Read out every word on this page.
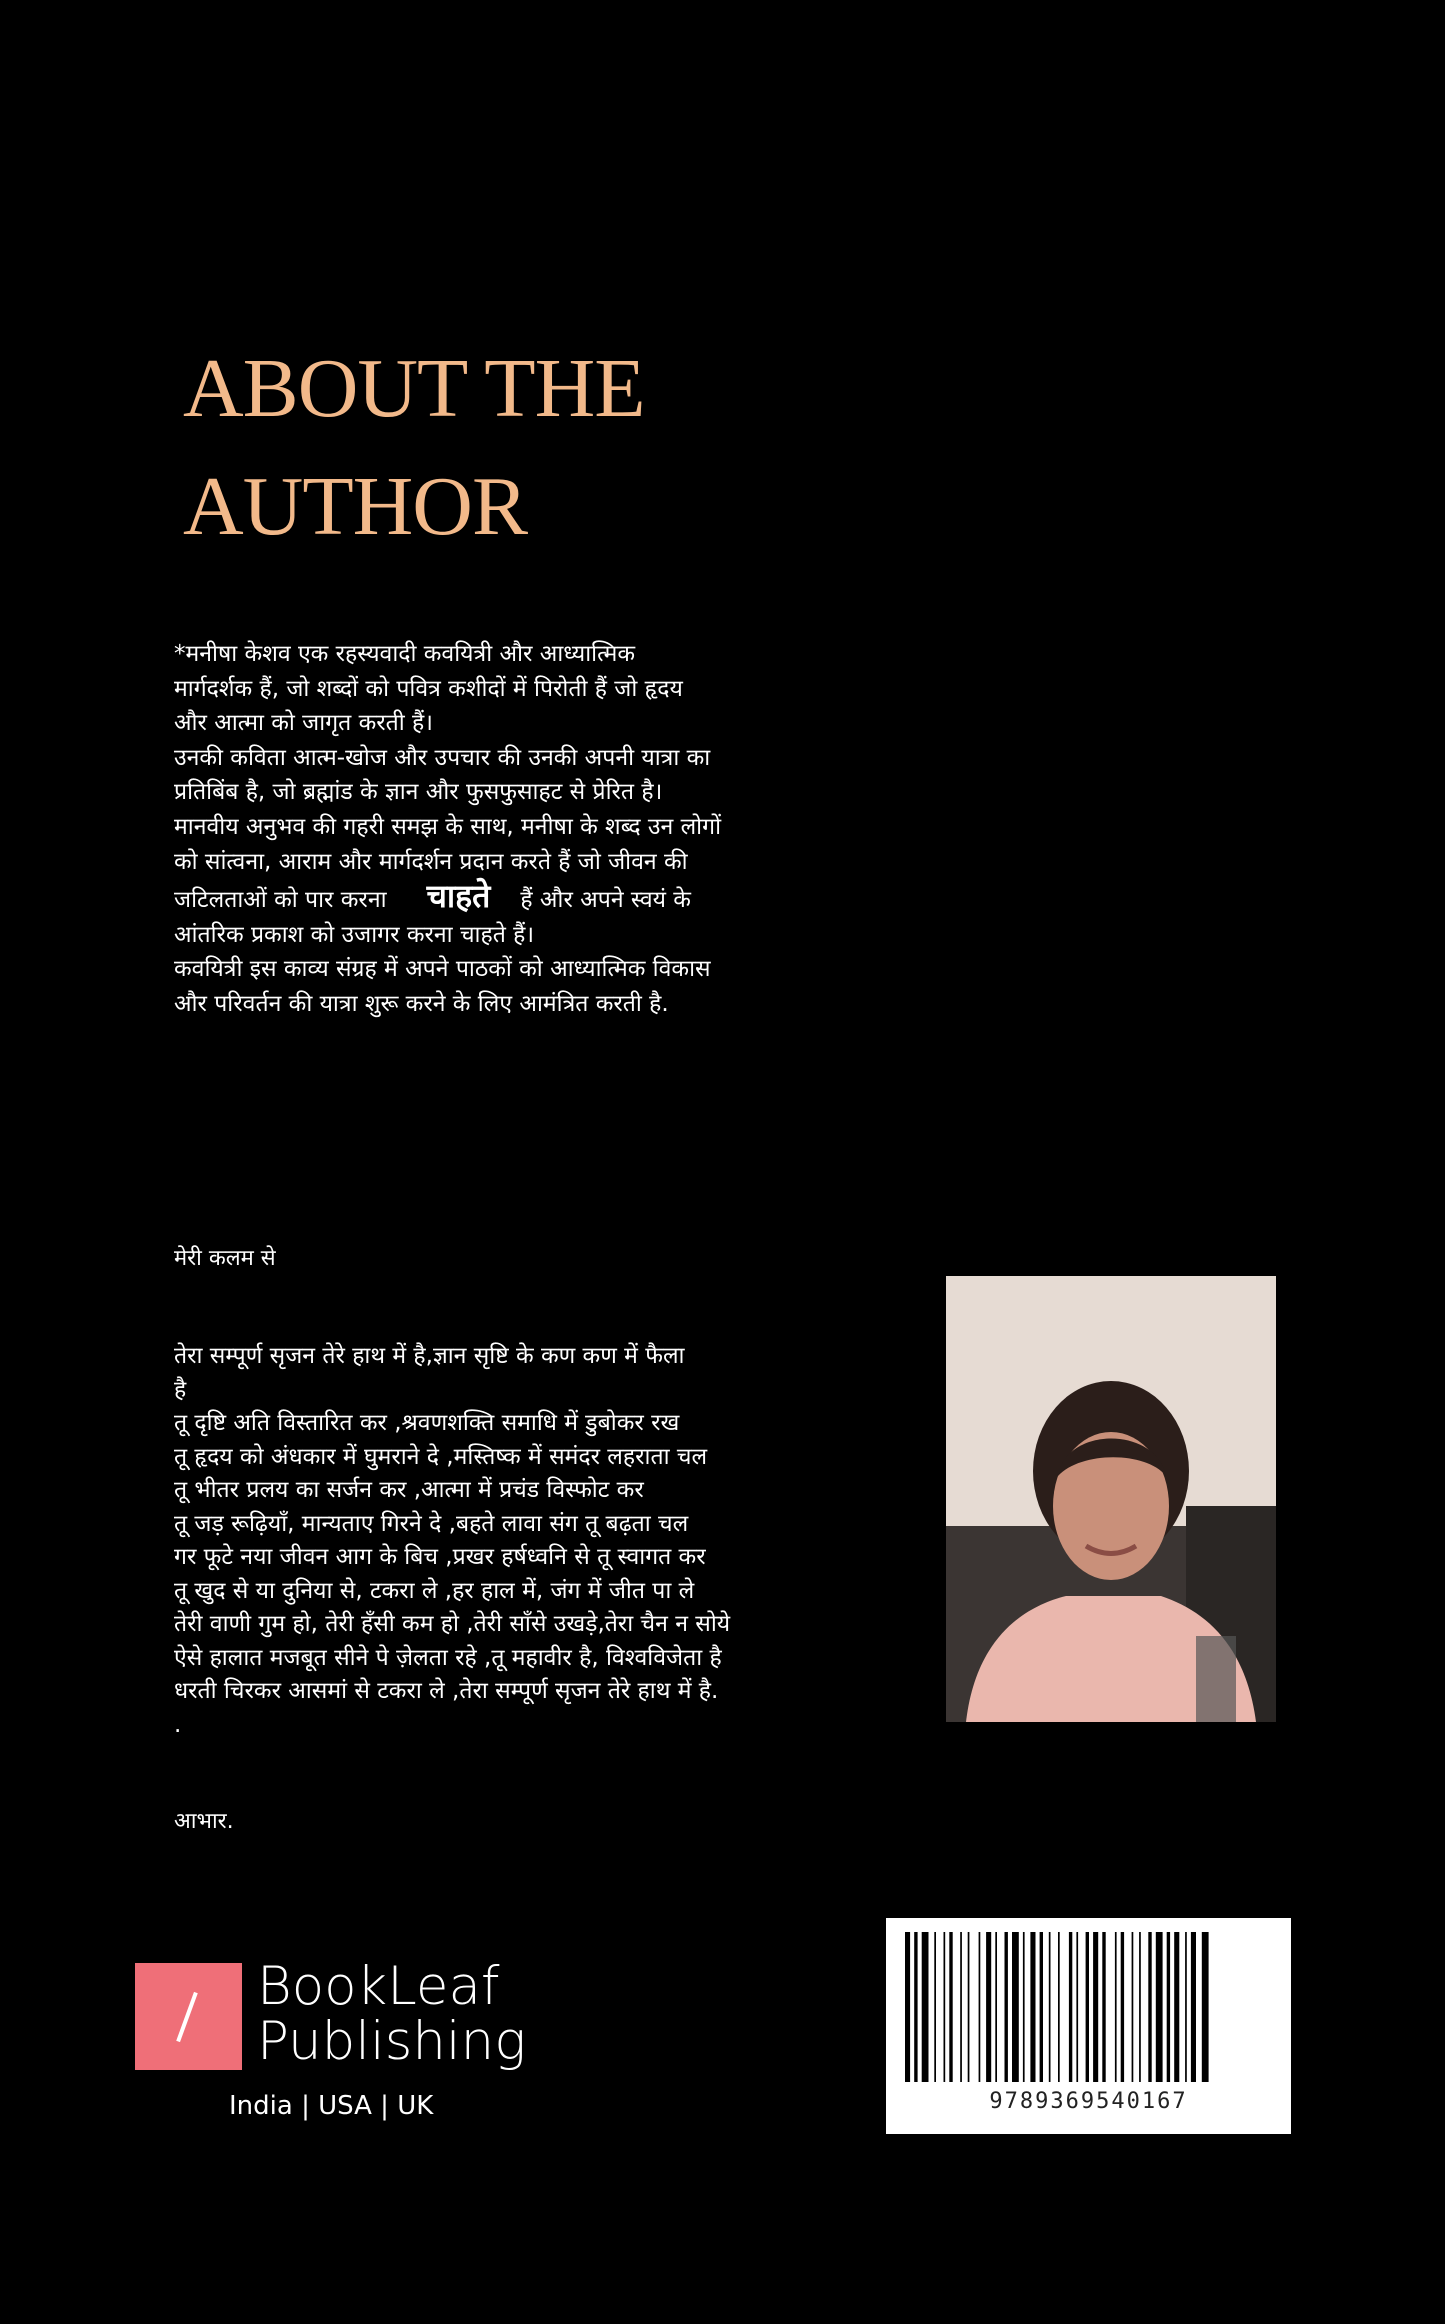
ABOUT THE
AUTHOR
*मनीषा केशव एक रहस्यवादी कवयित्री और आध्यात्मिक
मार्गदर्शक हैं, जो शब्दों को पवित्र कशीदों में पिरोती हैं जो हृदय
और आत्मा को जागृत करती हैं।
उनकी कविता आत्म-खोज और उपचार की उनकी अपनी यात्रा का
प्रतिबिंब है, जो ब्रह्मांड के ज्ञान और फुसफुसाहट से प्रेरित है।
मानवीय अनुभव की गहरी समझ के साथ, मनीषा के शब्द उन लोगों
को सांत्वना, आराम और मार्गदर्शन प्रदान करते हैं जो जीवन की
जटिलताओं को पार करना चाहते हैं और अपने स्वयं के
आंतरिक प्रकाश को उजागर करना चाहते हैं।
कवयित्री इस काव्य संग्रह में अपने पाठकों को आध्यात्मिक विकास
और परिवर्तन की यात्रा शुरू करने के लिए आमंत्रित करती है.
मेरी कलम से
तेरा सम्पूर्ण सृजन तेरे हाथ में है,ज्ञान सृष्टि के कण कण में फैला
है
तू दृष्टि अति विस्तारित कर ,श्रवणशक्ति समाधि में डुबोकर रख
तू हृदय को अंधकार में घुमराने दे ,मस्तिष्क में समंदर लहराता चल
तू भीतर प्रलय का सर्जन कर ,आत्मा में प्रचंड विस्फोट कर
तू जड़ रूढ़ियाँ, मान्यताए गिरने दे ,बहते लावा संग तू बढ़ता चल
गर फूटे नया जीवन आग के बिच ,प्रखर हर्षध्वनि से तू स्वागत कर
तू खुद से या दुनिया से, टकरा ले ,हर हाल में, जंग में जीत पा ले
तेरी वाणी गुम हो, तेरी हँसी कम हो ,तेरी साँसे उखड़े,तेरा चैन न सोये
ऐसे हालात मजबूत सीने पे ज़ेलता रहे ,तू महावीर है, विश्वविजेता है
धरती चिरकर आसमां से टकरा ले ,तेरा सम्पूर्ण सृजन तेरे हाथ में है.
.
आभार.
BookLeaf
Publishing
India | USA | UK	9789369540167
